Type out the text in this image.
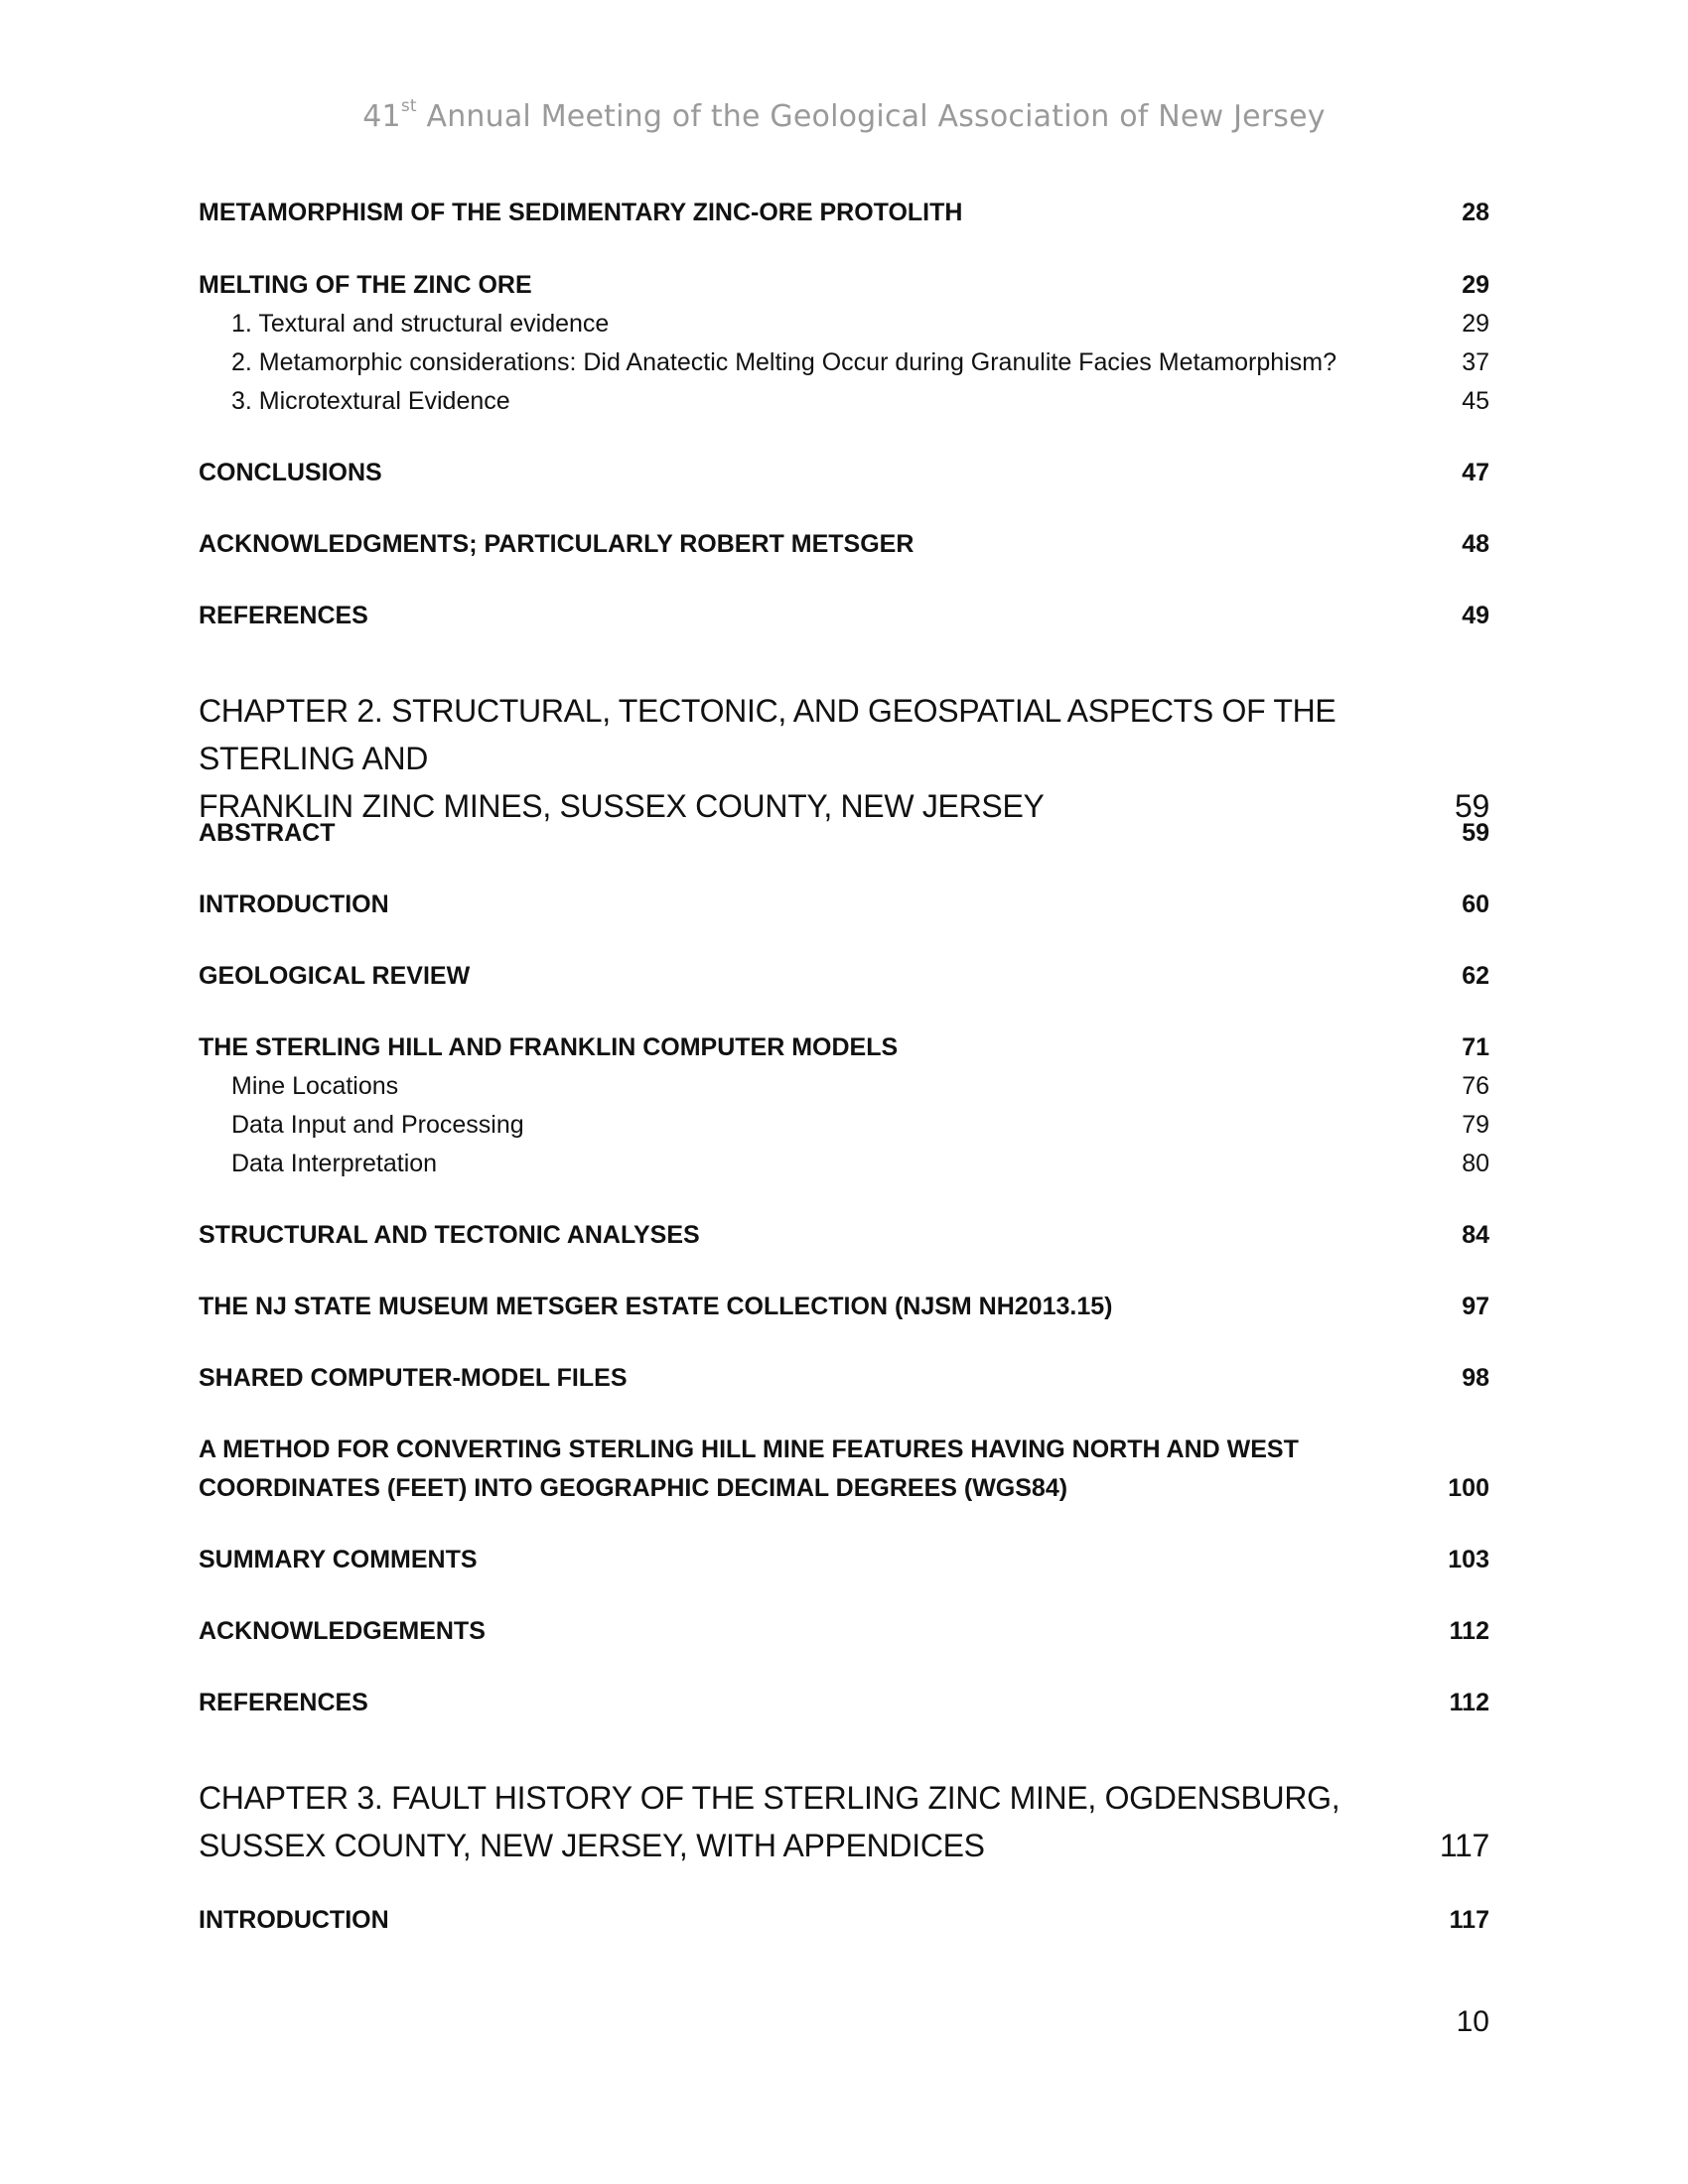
41st Annual Meeting of the Geological Association of New Jersey
METAMORPHISM OF THE SEDIMENTARY ZINC-ORE PROTOLITH	28
MELTING OF THE ZINC ORE	29
1. Textural and structural evidence	29
2. Metamorphic considerations: Did Anatectic Melting Occur during Granulite Facies Metamorphism?	37
3. Microtextural Evidence	45
CONCLUSIONS	47
ACKNOWLEDGMENTS; PARTICULARLY ROBERT METSGER	48
REFERENCES	49
CHAPTER 2. STRUCTURAL, TECTONIC, AND GEOSPATIAL ASPECTS OF THE STERLING AND
FRANKLIN ZINC MINES, SUSSEX COUNTY, NEW JERSEY	59
ABSTRACT	59
INTRODUCTION	60
GEOLOGICAL REVIEW	62
THE STERLING HILL AND FRANKLIN COMPUTER MODELS	71
Mine Locations	76
Data Input and Processing	79
Data Interpretation	80
STRUCTURAL AND TECTONIC ANALYSES	84
THE NJ STATE MUSEUM METSGER ESTATE COLLECTION (NJSM NH2013.15)	97
SHARED COMPUTER-MODEL FILES	98
A METHOD FOR CONVERTING STERLING HILL MINE FEATURES HAVING NORTH AND WEST
COORDINATES (FEET) INTO GEOGRAPHIC DECIMAL DEGREES (WGS84)	100
SUMMARY COMMENTS	103
ACKNOWLEDGEMENTS	112
REFERENCES	112
CHAPTER 3. FAULT HISTORY OF THE STERLING ZINC MINE, OGDENSBURG,
SUSSEX COUNTY, NEW JERSEY, WITH APPENDICES	117
INTRODUCTION	117
10
